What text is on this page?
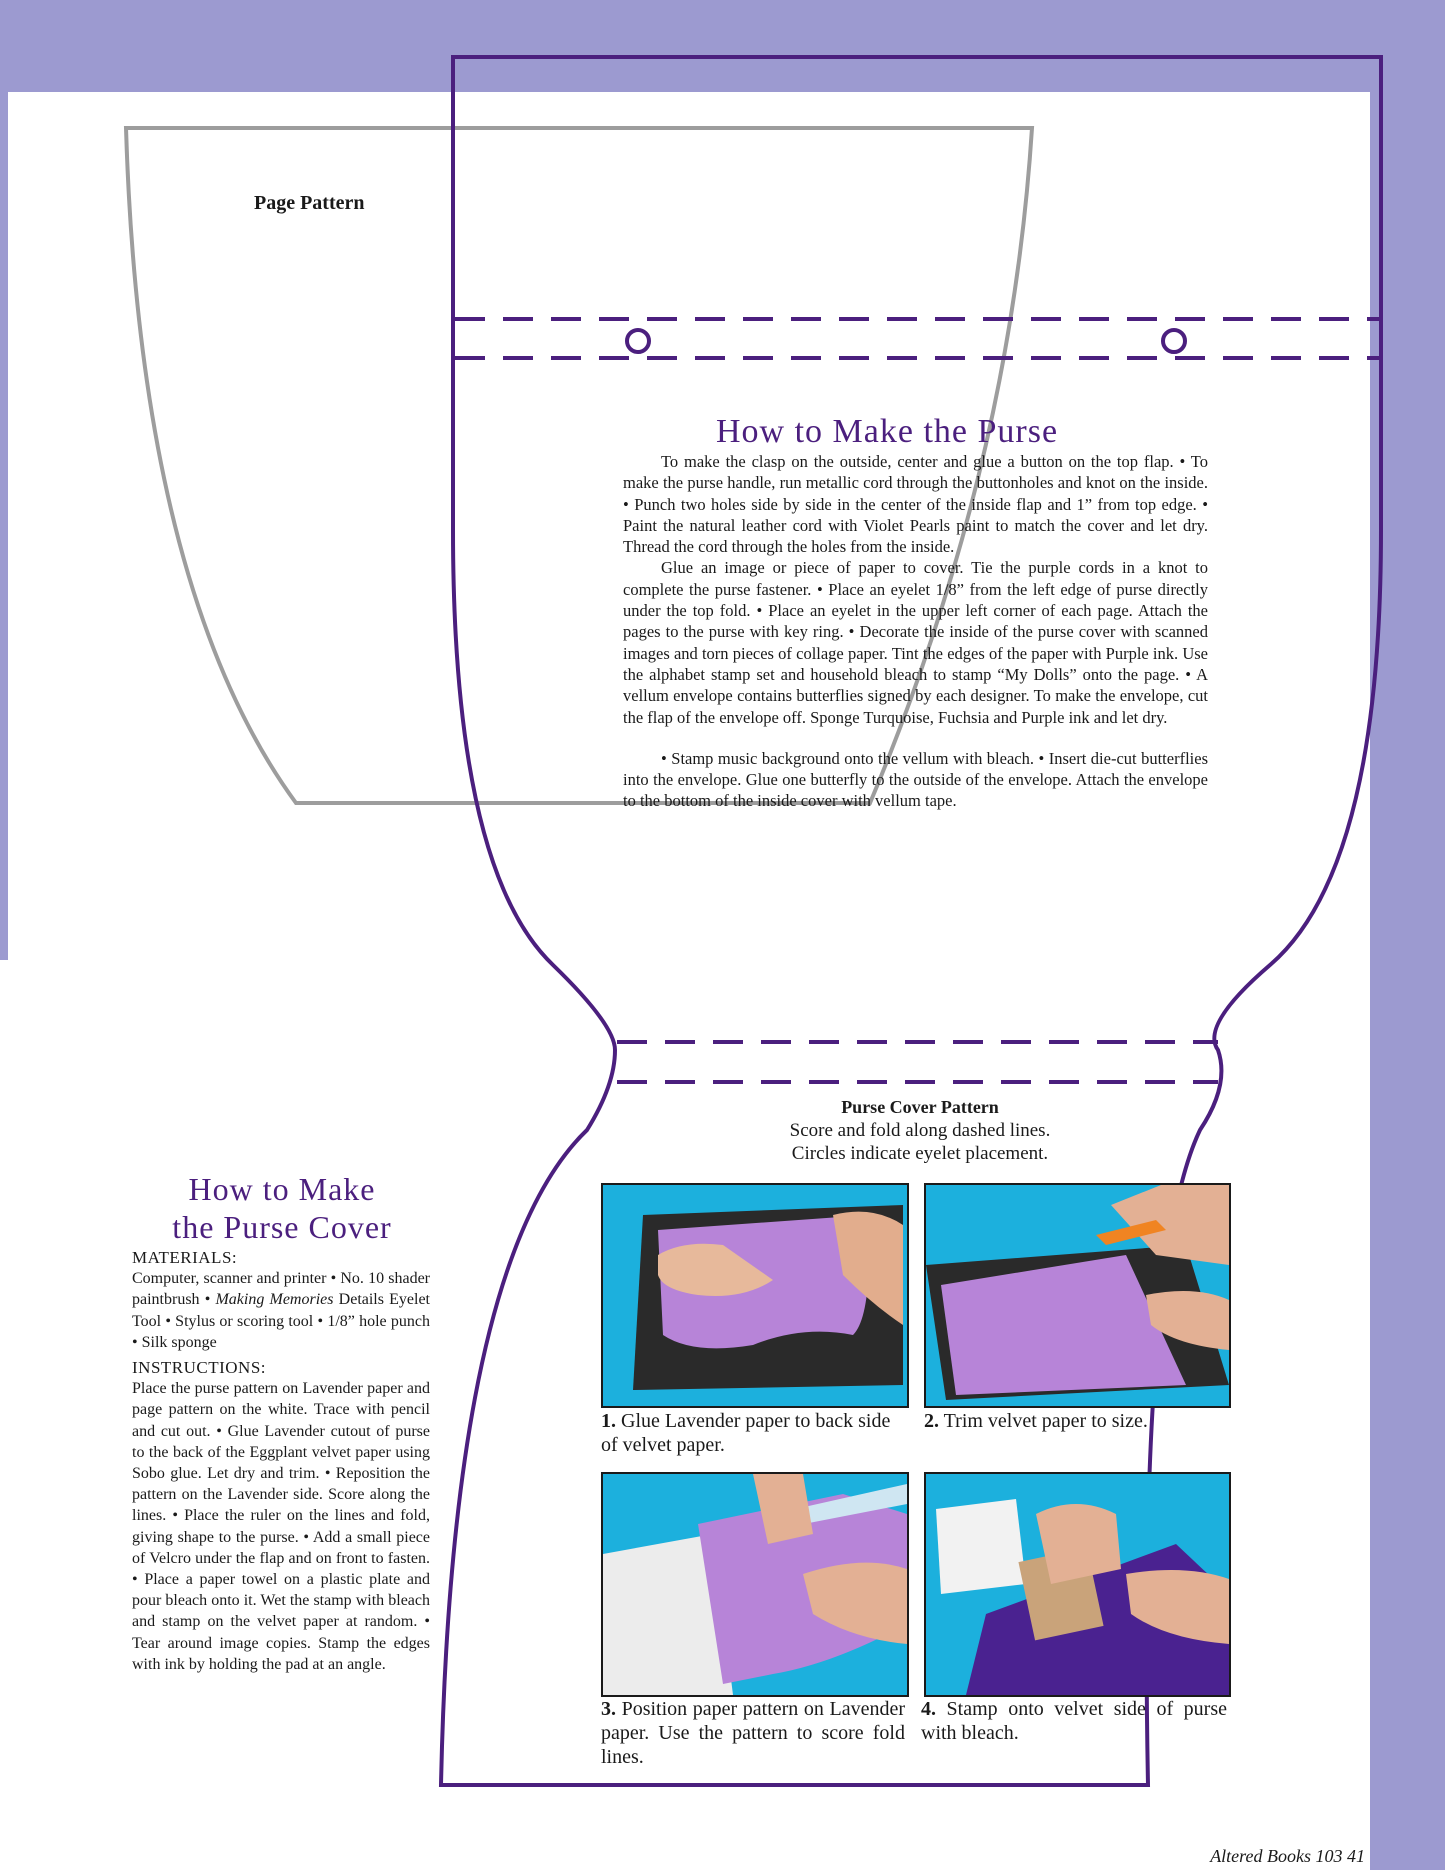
Page Pattern
How to Make the Purse

To make the clasp on the outside, center and glue a button on the top flap. • To make the purse handle, run metallic cord through the buttonholes and knot on the inside. • Punch two holes side by side in the center of the inside flap and 1” from top edge. • Paint the natural leather cord with Violet Pearls paint to match the cover and let dry. Thread the cord through the holes from the inside.

Glue an image or piece of paper to cover. Tie the purple cords in a knot to complete the purse fastener. • Place an eyelet 1/8” from the left edge of purse directly under the top fold. • Place an eyelet in the upper left corner of each page. Attach the pages to the purse with key ring. • Decorate the inside of the purse cover with scanned images and torn pieces of collage paper. Tint the edges of the paper with Purple ink. Use the alphabet stamp set and household bleach to stamp “My Dolls” onto the page. • A vellum envelope contains butterflies signed by each designer. To make the envelope, cut the flap of the envelope off. Sponge Turquoise, Fuchsia and Purple ink and let dry.

• Stamp music background onto the vellum with bleach. • Insert die-cut butterflies into the envelope. Glue one butterfly to the outside of the envelope. Attach the envelope to the bottom of the inside cover with vellum tape.

Purse Cover Pattern
Score and fold along dashed lines.
Circles indicate eyelet placement.
How to Make
the Purse Cover
MATERIALS:
Computer, scanner and printer • No. 10 shader paintbrush • Making Memories Details Eyelet Tool • Stylus or scoring tool • 1/8” hole punch • Silk sponge
INSTRUCTIONS:
Place the purse pattern on Lavender paper and page pattern on the white. Trace with pencil and cut out. • Glue Lavender cutout of purse to the back of the Eggplant velvet paper using Sobo glue. Let dry and trim. • Reposition the pattern on the Lavender side. Score along the lines. • Place the ruler on the lines and fold, giving shape to the purse. • Add a small piece of Velcro under the flap and on front to fasten. • Place a paper towel on a plastic plate and pour bleach onto it. Wet the stamp with bleach and stamp on the velvet paper at random. • Tear around image copies. Stamp the edges with ink by holding the pad at an angle.
1. Glue Lavender paper to back side of velvet paper.
2. Trim velvet paper to size.
3. Position paper pattern on Lavender paper. Use the pattern to score fold lines.
4. Stamp onto velvet side of purse with bleach.
Altered Books 103 41
